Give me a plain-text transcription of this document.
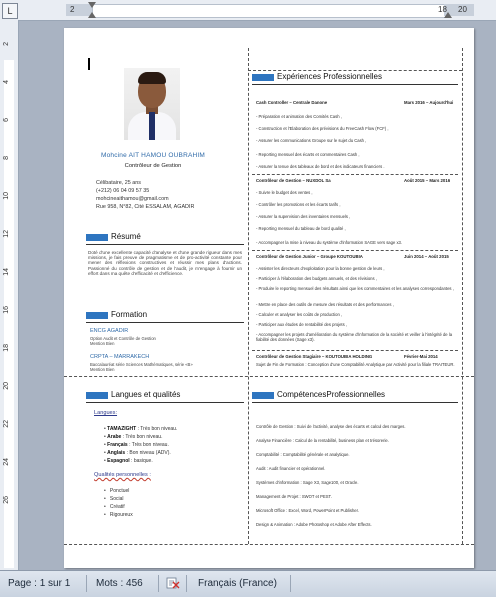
L	2	18 20
2
4
6
8
10
12
14
16
18
20
22
24
26
Mohcine AIT HAMOU OUBRAHIM
Contrôleur de Gestion
Célibataire, 25 ans
(+212) 06 04 09 57 35
mohcineaithamou@gmail.com
Rue 958, N°82, Cité ESSALAM, AGADIR
Résumé
Doté d'une excellente capacité d'analyse et d'une grande rigueur dans mes missions, je fais preuve de pragmatisme et de pro-activité constante pour mener des réflexions constructives et réussir mes plans d'actions. Passionné du contrôle de gestion et de l'audit, je m'engage à fournir un effort dans ma quête d'efficacité et d'efficience.
Formation
ENCG AGADIR
Option Audit et Contrôle de Gestion
Mention Bien
CRPTA – MARRAKECH
Baccalauréat série Sciences Mathématiques, série «B»
Mention Bien
Langues et qualités
Langues:
• TAMAZIGHT : Très bon niveau.
• Arabe : Très bon niveau.
• Français : Très bon niveau.
• Anglais : Bon niveau (ADV).
• Espagnol : basique.
Qualités personnelles :
•   Ponctuel
•   Social
•   Créatif
•   Rigoureux
Expériences Professionnelles
Cash Controller – Centrale Danone	Mars 2016 – Aujourd'hui
- Préparation et animation des Comités Cash ,
- Construction et l'Elaboration des prévisions du FreeCash Flow (FCF) ,
- Assurer les communications Groupe sur le sujet du Cash ,
- Reporting mensuel des écarts et commentaires Cash ,
- Assurer la tenue des tableaux de bord et des indicateurs financiers .
Contrôleur de Gestion – NUXDOL Sa	Août 2015 – Mars 2016
- Suivre le budget des ventes ,
- Contrôler les promotions et les écarts tarifs ,
- Assurer la supervision des inventaires mensuels ,
- Reporting mensuel du tableau de bord qualité ,
- Accompagner la mise à niveau du système d'information SAGE vers sage x3.
Contrôleur de Gestion Junior – Groupe KOUTOUBIA	Juin 2014 – Août 2015
- Assister les directeurs d'exploitation pour la bonne gestion de leurs ,
- Participer à l'élaboration des budgets annuels, et des révisions ,
- Produire le reporting mensuel des résultats ainsi que les commentaires et les analyses correspondantes ,
- Mettre en place des outils de mesure des résultats et des performances ,
- Calculer et analyser les coûts de production ,
- Participer aux études de rentabilité des projets ,
- Accompagner les projets d'amélioration du système d'information de la société et veiller à l'intégrité de la fiabilité des données (Sage x3).
Contrôleur de Gestion Stagiaire – KOUTOUBIA HOLDING	Février-Mai 2014
Sujet de Fin de Formation : Conception d'une Comptabilité Analytique par Activité pour la filiale TRAITEUR.
CompétencesProfessionnelles
Contrôle de Gestion : Suivi de l'activité, analyse des écarts et calcul des marges.
Analyse Financière : Calcul de la rentabilité, business plan et trésorerie.
Comptabilité : Comptabilité générale et analytique.
Audit : Audit financier et opérationnel.
Systèmes d'information : Sage X3, Sage100, et Oracle.
Management de Projet : SWOT et PEST.
Microsoft Office : Excel, Word, PowerPoint et Publisher.
Design & Animation : Adobe Photoshop et Adobe After Effects.
Page : 1 sur 1	Mots : 456	Français (France)
